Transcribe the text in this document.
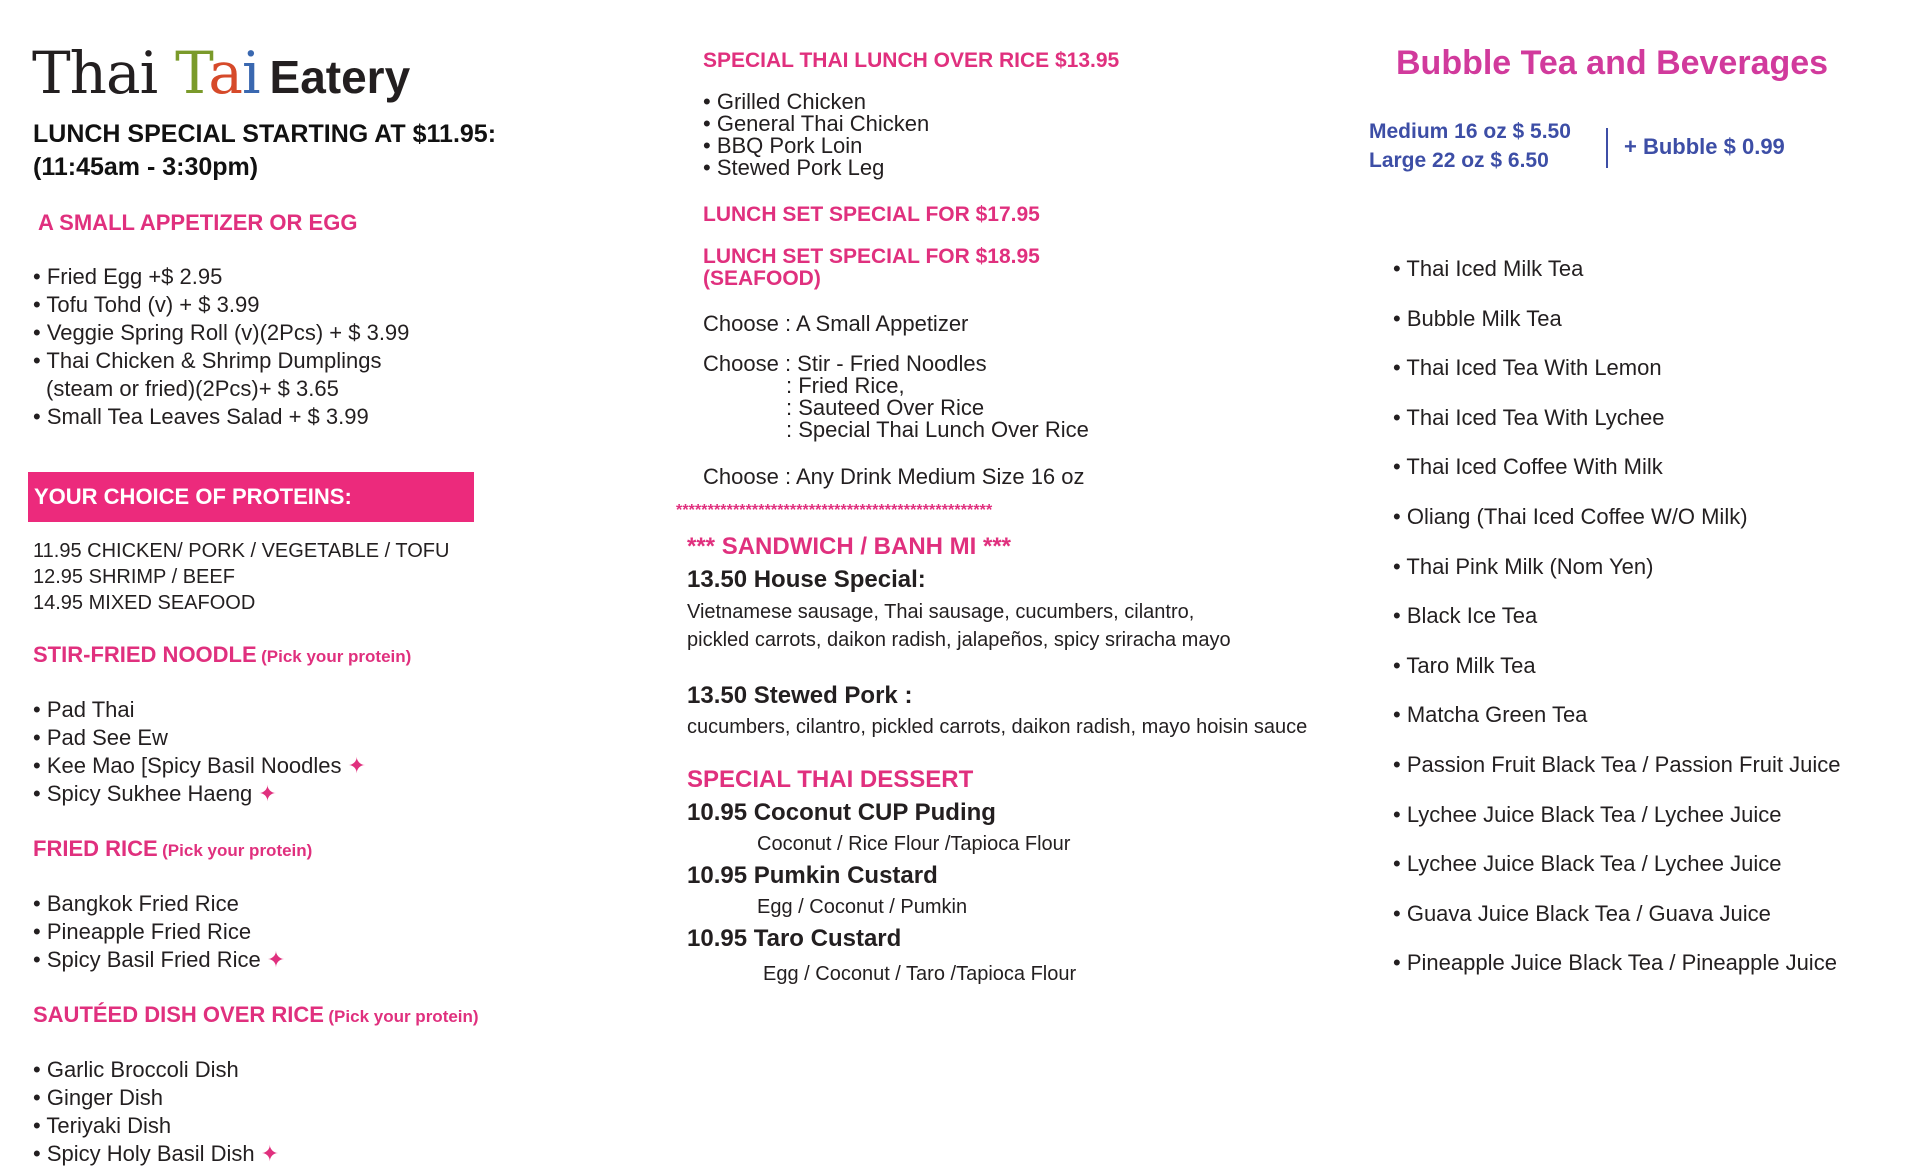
Thai Tai Eatery
LUNCH SPECIAL STARTING AT $11.95:
(11:45am - 3:30pm)
A SMALL APPETIZER OR EGG
• Fried Egg +$ 2.95
• Tofu Tohd (v) + $ 3.99
• Veggie Spring Roll (v)(2Pcs) + $ 3.99
• Thai Chicken & Shrimp Dumplings
(steam or fried)(2Pcs)+ $ 3.65
• Small Tea Leaves Salad + $ 3.99
YOUR CHOICE OF PROTEINS:
11.95 CHICKEN/ PORK / VEGETABLE / TOFU
12.95 SHRIMP / BEEF
14.95 MIXED SEAFOOD
STIR-FRIED NOODLE (Pick your protein)
• Pad Thai
• Pad See Ew
• Kee Mao [Spicy Basil Noodles ✦
• Spicy Sukhee Haeng ✦
FRIED RICE (Pick your protein)
• Bangkok Fried Rice
• Pineapple Fried Rice
• Spicy Basil Fried Rice ✦
SAUTÉED DISH OVER RICE (Pick your protein)
• Garlic Broccoli Dish
• Ginger Dish
• Teriyaki Dish
• Spicy Holy Basil Dish ✦
SPECIAL THAI LUNCH OVER RICE $13.95
• Grilled Chicken
• General Thai Chicken
• BBQ Pork Loin
• Stewed Pork Leg
LUNCH SET SPECIAL FOR $17.95
LUNCH SET SPECIAL FOR $18.95
(SEAFOOD)
Choose : A Small Appetizer
Choose : Stir - Fried Noodles
: Fried Rice,
: Sauteed Over Rice
: Special Thai Lunch Over Rice
Choose : Any Drink Medium Size 16 oz
**************************************************
*** SANDWICH / BANH MI ***
13.50 House Special:
Vietnamese sausage, Thai sausage, cucumbers, cilantro,
pickled carrots, daikon radish, jalapeños, spicy sriracha mayo
13.50 Stewed Pork :
cucumbers, cilantro, pickled carrots, daikon radish, mayo hoisin sauce
SPECIAL THAI DESSERT
10.95 Coconut CUP Puding
Coconut / Rice Flour /Tapioca Flour
10.95 Pumkin Custard
Egg / Coconut / Pumkin
10.95 Taro Custard
Egg / Coconut / Taro /Tapioca Flour
Bubble Tea and Beverages
Medium 16 oz $ 5.50
Large 22 oz $ 6.50
+ Bubble $ 0.99
• Thai Iced Milk Tea
• Bubble Milk Tea
• Thai Iced Tea With Lemon
• Thai Iced Tea With Lychee
• Thai Iced Coffee With Milk
• Oliang (Thai Iced Coffee W/O Milk)
• Thai Pink Milk (Nom Yen)
• Black Ice Tea
• Taro Milk Tea
• Matcha Green Tea
• Passion Fruit Black Tea / Passion Fruit Juice
• Lychee Juice Black Tea / Lychee Juice
• Lychee Juice Black Tea / Lychee Juice
• Guava Juice Black Tea / Guava Juice
• Pineapple Juice Black Tea / Pineapple Juice
